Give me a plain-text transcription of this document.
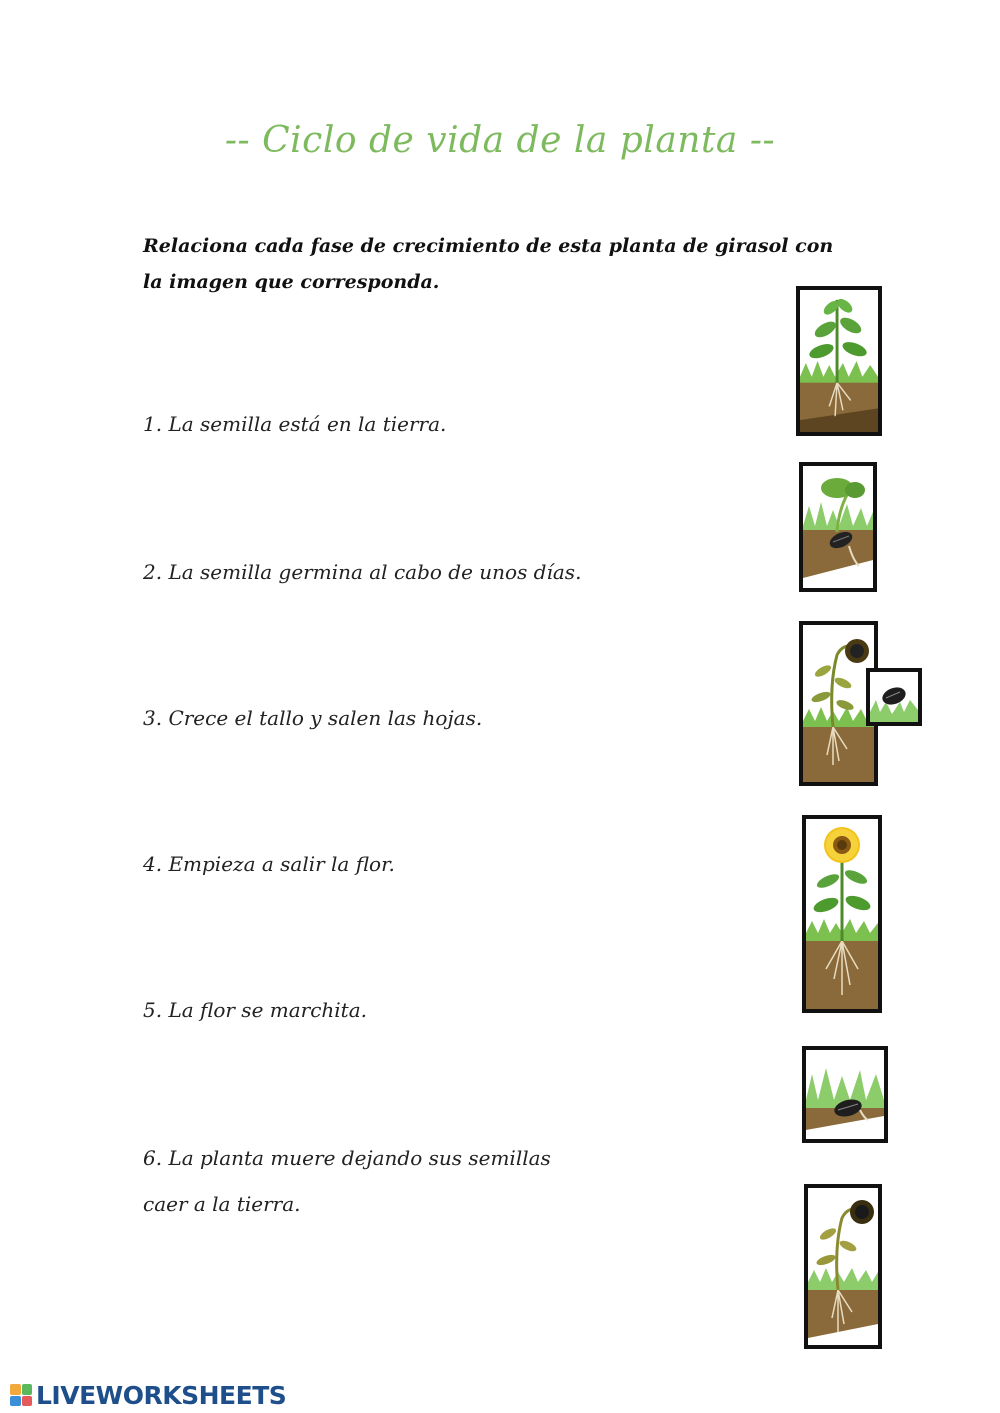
-- Ciclo de vida de la planta --
Relaciona cada fase de crecimiento de esta planta de girasol con
la imagen que corresponda.
1. La semilla está en la tierra.
2. La semilla germina al cabo de unos días.
3. Crece el tallo y salen las hojas.
4. Empieza a salir la flor.
5. La flor se marchita.
6. La planta muere dejando sus semillas
caer a la tierra.
LIVEWORKSHEETS
